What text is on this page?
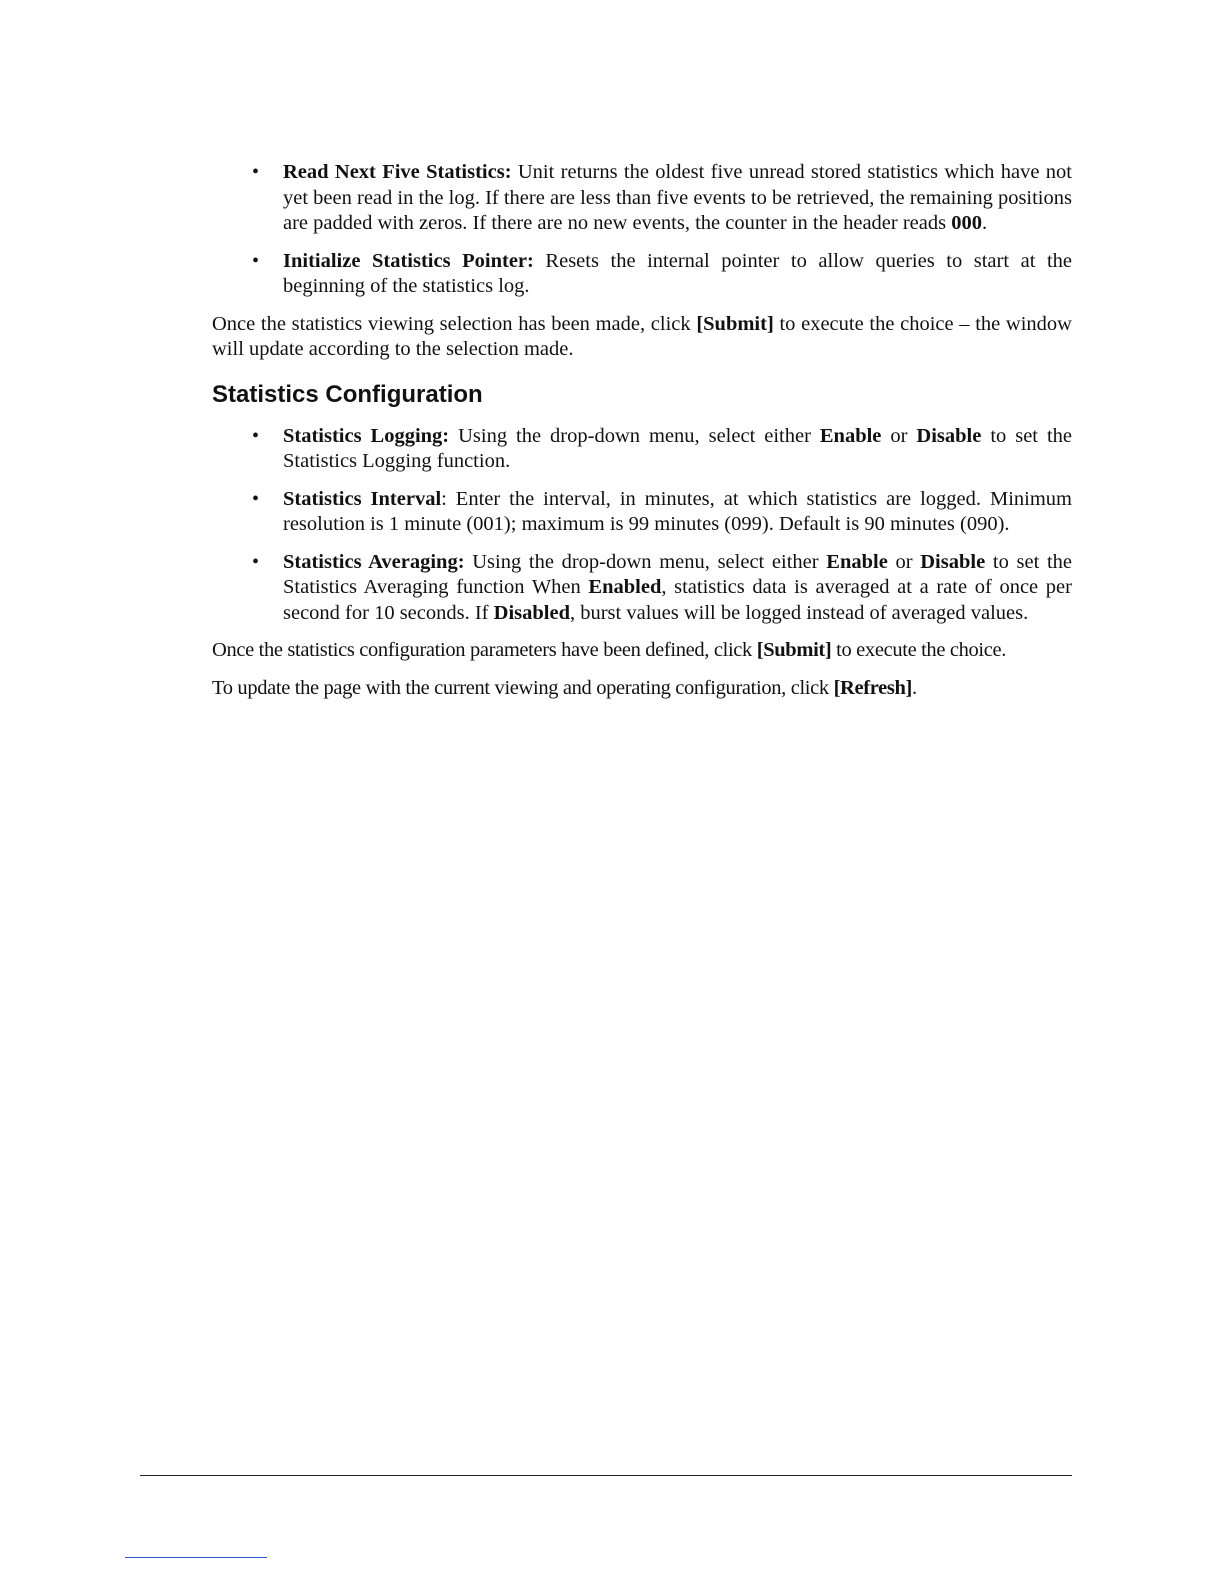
• Read Next Five Statistics: Unit returns the oldest five unread stored statistics which have not yet been read in the log. If there are less than five events to be retrieved, the remaining positions are padded with zeros. If there are no new events, the counter in the header reads 000.
• Initialize Statistics Pointer: Resets the internal pointer to allow queries to start at the beginning of the statistics log.

Once the statistics viewing selection has been made, click [Submit] to execute the choice – the window will update according to the selection made.

Statistics Configuration
• Statistics Logging: Using the drop-down menu, select either Enable or Disable to set the Statistics Logging function.
• Statistics Interval: Enter the interval, in minutes, at which statistics are logged. Minimum resolution is 1 minute (001); maximum is 99 minutes (099). Default is 90 minutes (090).
• Statistics Averaging: Using the drop-down menu, select either Enable or Disable to set the Statistics Averaging function When Enabled, statistics data is averaged at a rate of once per second for 10 seconds. If Disabled, burst values will be logged instead of averaged values.

Once the statistics configuration parameters have been defined, click [Submit] to execute the choice.

To update the page with the current viewing and operating configuration, click [Refresh].
